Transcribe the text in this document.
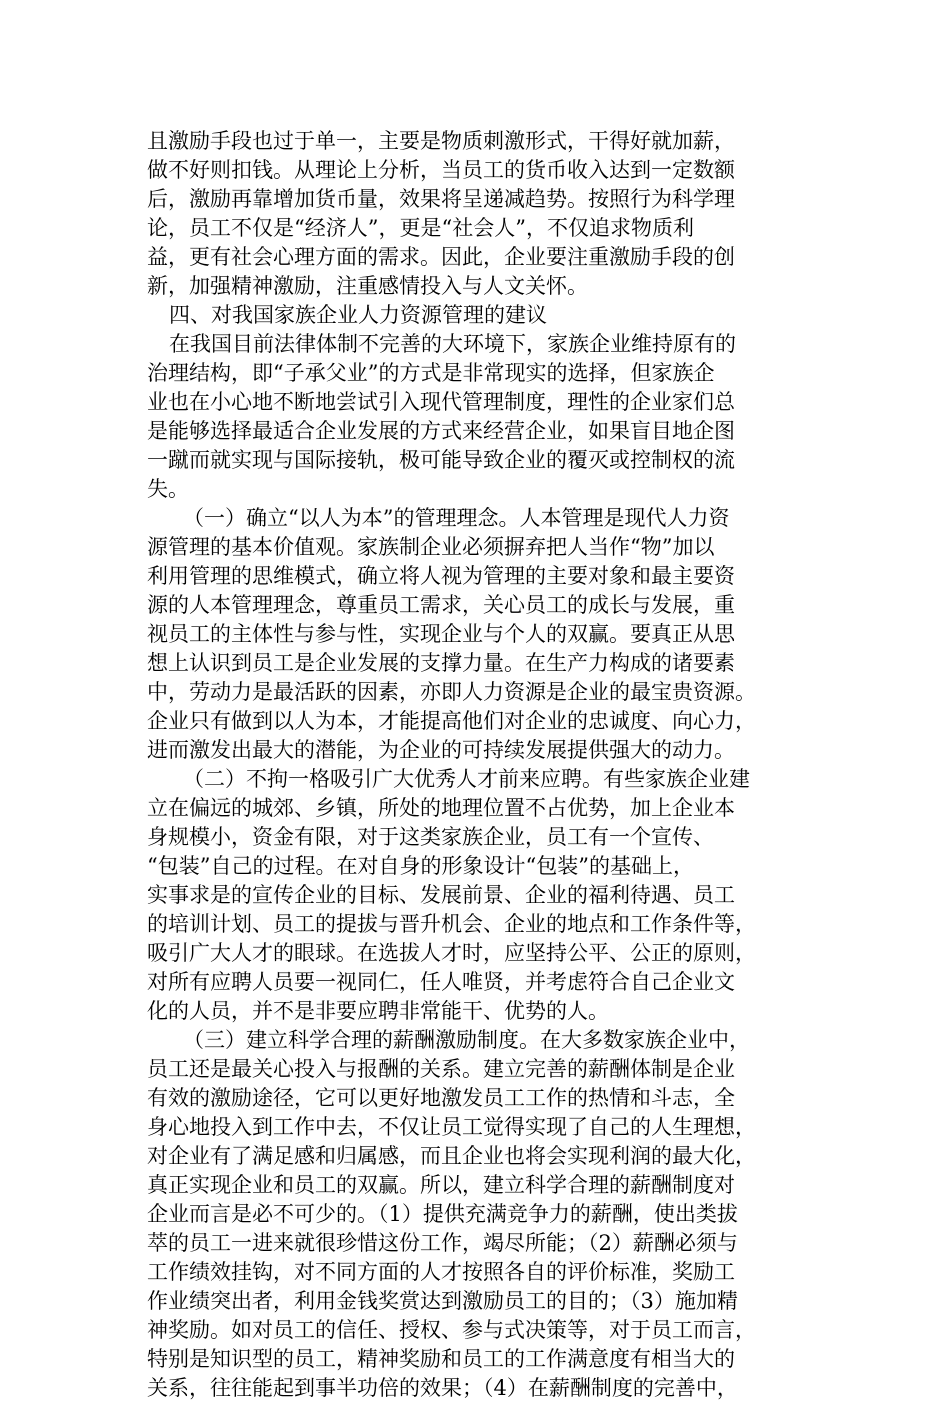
且激励手段也过于单一，主要是物质刺激形式，干得好就加薪，
做不好则扣钱。从理论上分析，当员工的货币收入达到一定数额
后，激励再靠增加货币量，效果将呈递减趋势。按照行为科学理
论，员工不仅是“经济人”，更是“社会人”，不仅追求物质利
益，更有社会心理方面的需求。因此，企业要注重激励手段的创
新，加强精神激励，注重感情投入与人文关怀。
四、对我国家族企业人力资源管理的建议
在我国目前法律体制不完善的大环境下，家族企业维持原有的
治理结构，即“子承父业”的方式是非常现实的选择，但家族企
业也在小心地不断地尝试引入现代管理制度，理性的企业家们总
是能够选择最适合企业发展的方式来经营企业，如果盲目地企图
一蹴而就实现与国际接轨，极可能导致企业的覆灭或控制权的流
失。
（一）确立“以人为本”的管理理念。人本管理是现代人力资
源管理的基本价值观。家族制企业必须摒弃把人当作“物”加以
利用管理的思维模式，确立将人视为管理的主要对象和最主要资
源的人本管理理念，尊重员工需求，关心员工的成长与发展，重
视员工的主体性与参与性，实现企业与个人的双赢。要真正从思
想上认识到员工是企业发展的支撑力量。在生产力构成的诸要素
中，劳动力是最活跃的因素，亦即人力资源是企业的最宝贵资源。
企业只有做到以人为本，才能提高他们对企业的忠诚度、向心力，
进而激发出最大的潜能，为企业的可持续发展提供强大的动力。
（二）不拘一格吸引广大优秀人才前来应聘。有些家族企业建
立在偏远的城郊、乡镇，所处的地理位置不占优势，加上企业本
身规模小，资金有限，对于这类家族企业，员工有一个宣传、
“包装”自己的过程。在对自身的形象设计“包装”的基础上，
实事求是的宣传企业的目标、发展前景、企业的福利待遇、员工
的培训计划、员工的提拔与晋升机会、企业的地点和工作条件等，
吸引广大人才的眼球。在选拔人才时，应坚持公平、公正的原则，
对所有应聘人员要一视同仁，任人唯贤，并考虑符合自己企业文
化的人员，并不是非要应聘非常能干、优势的人。
（三）建立科学合理的薪酬激励制度。在大多数家族企业中，
员工还是最关心投入与报酬的关系。建立完善的薪酬体制是企业
有效的激励途径，它可以更好地激发员工工作的热情和斗志，全
身心地投入到工作中去，不仅让员工觉得实现了自己的人生理想，
对企业有了满足感和归属感，而且企业也将会实现利润的最大化，
真正实现企业和员工的双赢。所以，建立科学合理的薪酬制度对
企业而言是必不可少的。（1）提供充满竞争力的薪酬，使出类拔
萃的员工一进来就很珍惜这份工作，竭尽所能；（2）薪酬必须与
工作绩效挂钩，对不同方面的人才按照各自的评价标准，奖励工
作业绩突出者，利用金钱奖赏达到激励员工的目的；（3）施加精
神奖励。如对员工的信任、授权、参与式决策等，对于员工而言，
特别是知识型的员工，精神奖励和员工的工作满意度有相当大的
关系，往往能起到事半功倍的效果；（4）在薪酬制度的完善中，
